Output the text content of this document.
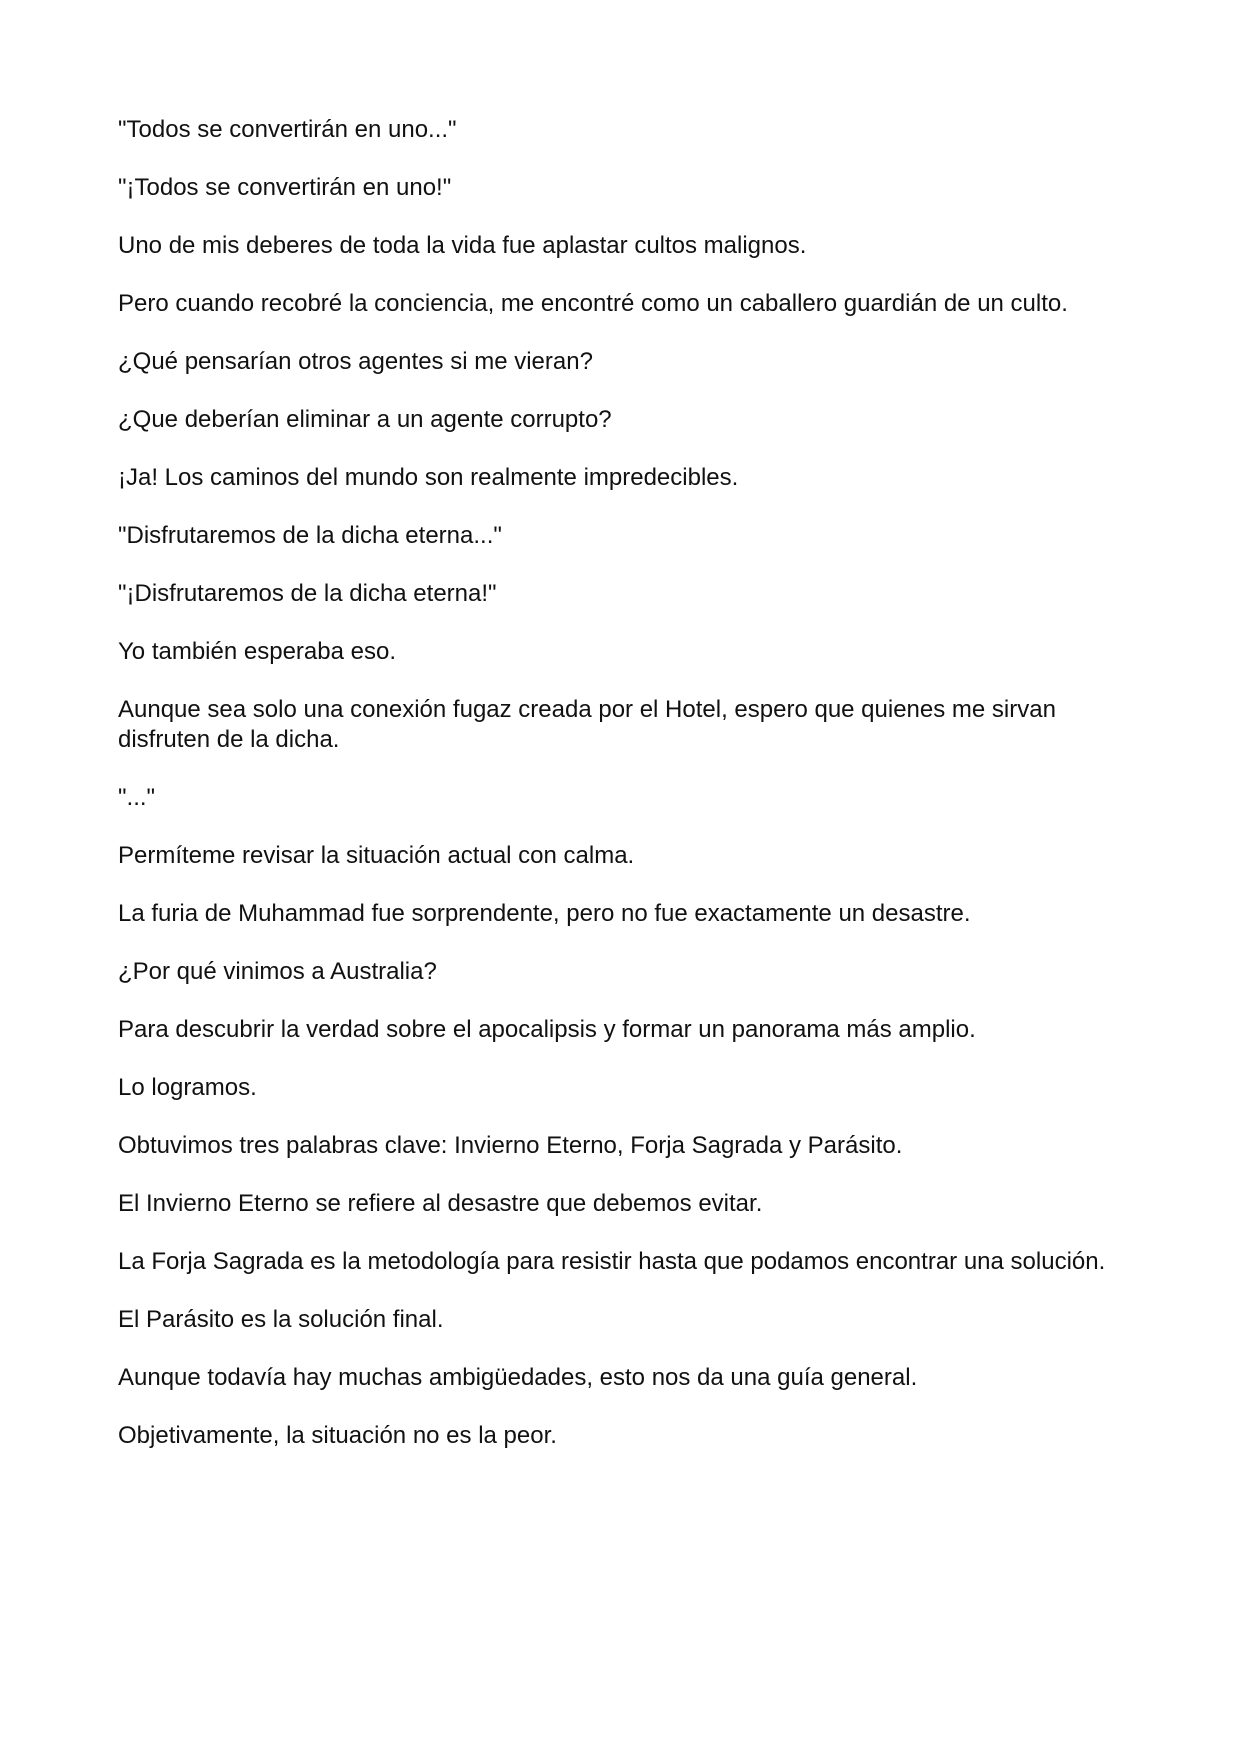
"Todos se convertirán en uno..."

"¡Todos se convertirán en uno!"

Uno de mis deberes de toda la vida fue aplastar cultos malignos.

Pero cuando recobré la conciencia, me encontré como un caballero guardián de un culto.

¿Qué pensarían otros agentes si me vieran?

¿Que deberían eliminar a un agente corrupto?

¡Ja! Los caminos del mundo son realmente impredecibles.

"Disfrutaremos de la dicha eterna..."

"¡Disfrutaremos de la dicha eterna!"

Yo también esperaba eso.

Aunque sea solo una conexión fugaz creada por el Hotel, espero que quienes me sirvan disfruten de la dicha.

"..."

Permíteme revisar la situación actual con calma.

La furia de Muhammad fue sorprendente, pero no fue exactamente un desastre.

¿Por qué vinimos a Australia?

Para descubrir la verdad sobre el apocalipsis y formar un panorama más amplio.

Lo logramos.

Obtuvimos tres palabras clave: Invierno Eterno, Forja Sagrada y Parásito.

El Invierno Eterno se refiere al desastre que debemos evitar.

La Forja Sagrada es la metodología para resistir hasta que podamos encontrar una solución.

El Parásito es la solución final.

Aunque todavía hay muchas ambigüedades, esto nos da una guía general.

Objetivamente, la situación no es la peor.
